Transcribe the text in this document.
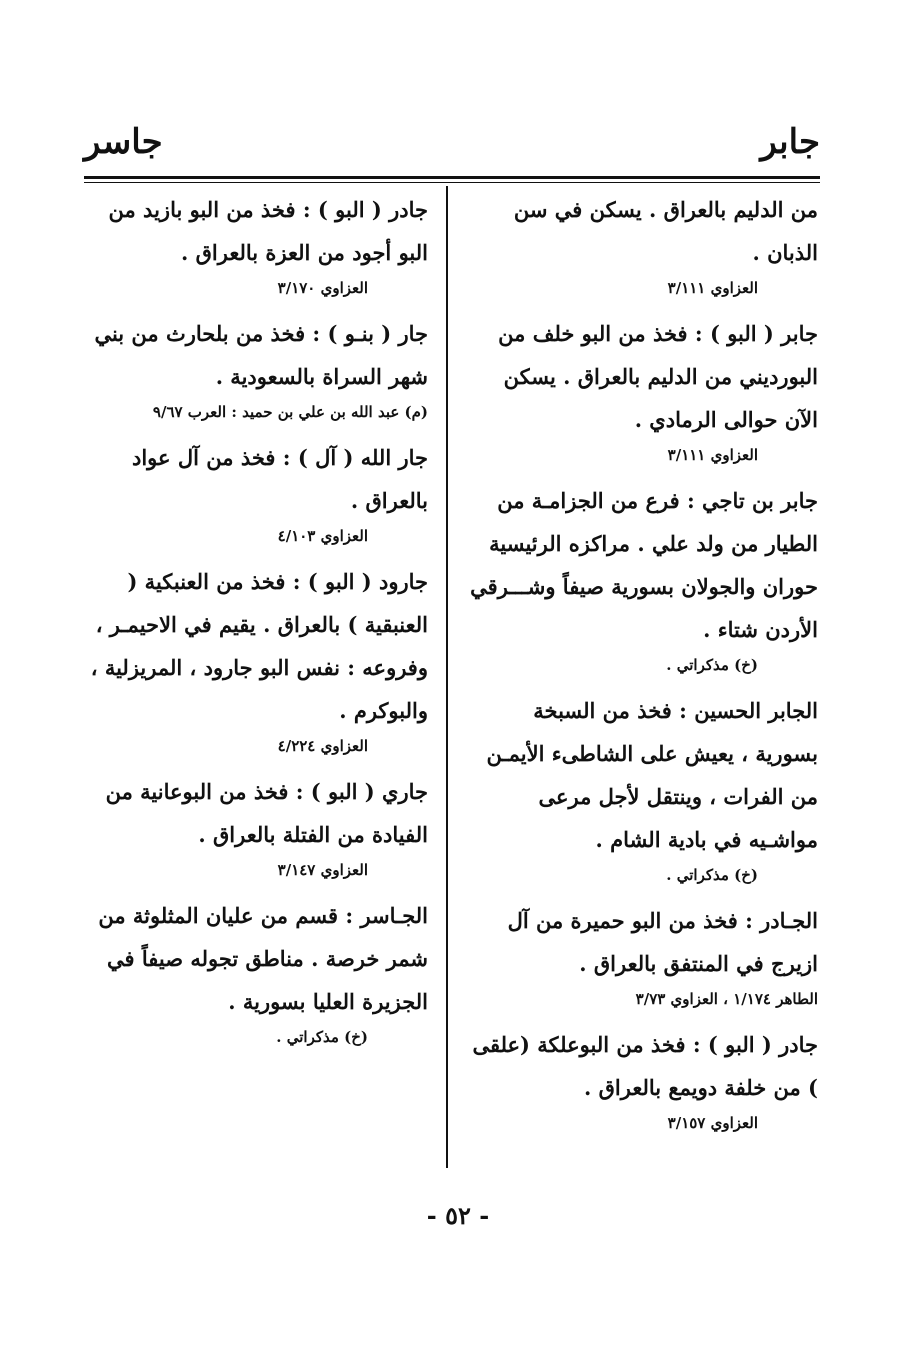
جابر
جاسر

من الدليم بالعراق . يسكن في سن الذبان .

العزاوي ٣/١١١

جابر ( البو ) : فخذ من البو خلف من البورديني من الدليم بالعراق . يسكن الآن حوالى الرمادي .

العزاوي ٣/١١١

جابر بن تاجي : فرع من الجزامـة من الطيار من ولد علي . مراكزه الرئيسية حوران والجولان بسورية صيفاً وشـــرقي الأردن شتاء .

(خ) مذكراتي .

الجابر الحسين : فخذ من السبخة بسورية ، يعيش على الشاطىء الأيمـن من الفرات ، وينتقل لأجل مرعى مواشـيه في بادية الشام .

(خ) مذكراتي .

الجـادر : فخذ من البو حميرة من آل ازيرج في المنتفق بالعراق .

الطاهر ١/١٧٤ ، العزاوي ٣/٧٣

جادر ( البو ) : فخذ من البوعلكة (علقى ) من خلفة دويمع بالعراق .

العزاوي ٣/١٥٧

جادر ( البو ) : فخذ من البو بازيد من البو أجود من العزة بالعراق .

العزاوي ٣/١٧٠

جار ( بنـو ) : فخذ من بلحارث من بني شهر السراة بالسعودية .

(م) عبد الله بن علي بن حميد : العرب ٩/٦٧

جار الله ( آل ) : فخذ من آل عواد بالعراق .

العزاوي ٤/١٠٣

جارود ( البو ) : فخذ من العنبكية ( العنبقية ) بالعراق . يقيم في الاحيمـر ، وفروعه : نفس البو جارود ، المريزلية ، والبوكرم .

العزاوي ٤/٢٢٤

جاري ( البو ) : فخذ من البوعانية من الفيادة من الفتلة بالعراق .

العزاوي ٣/١٤٧

الجـاسر : قسم من عليان المثلوثة من شمر خرصة . مناطق تجوله صيفاً في الجزيرة العليا بسورية .

(خ) مذكراتي .

- ٥٢ -
